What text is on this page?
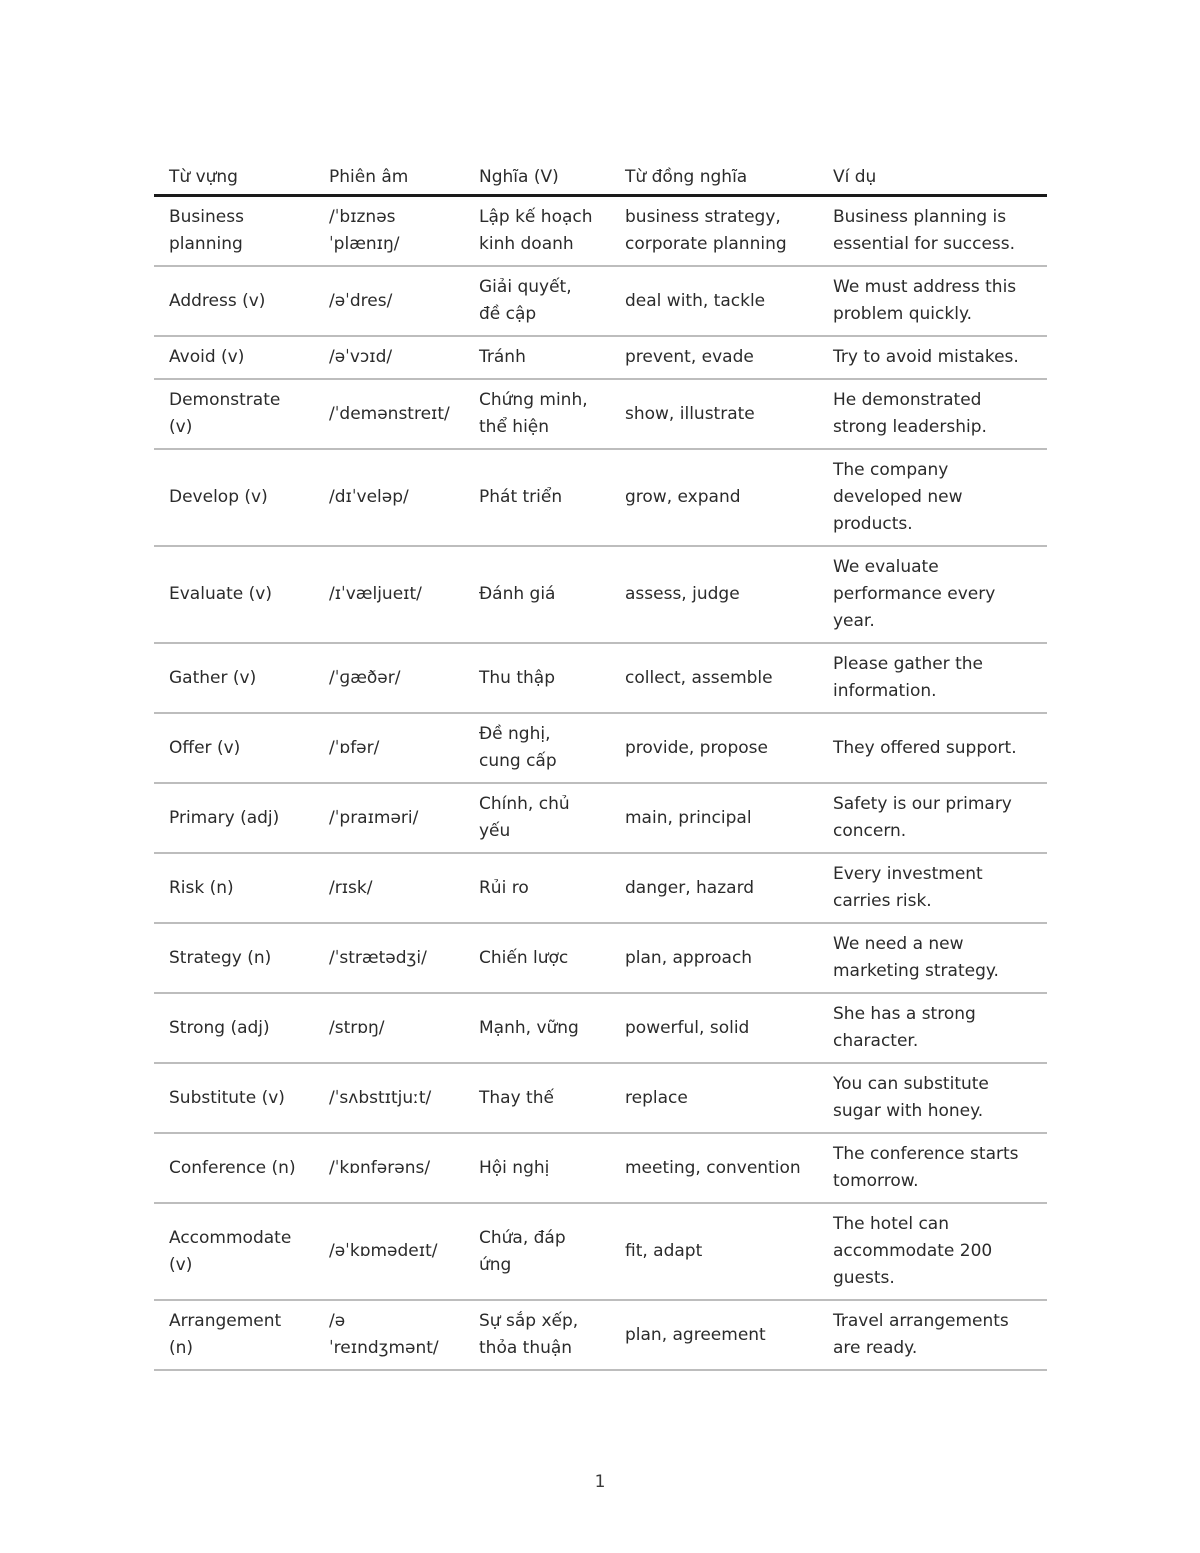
Từ vựng	Phiên âm	Nghĩa (V)	Từ đồng nghĩa	Ví dụ
Business planning	/ˈbɪznəs ˈplænɪŋ/	Lập kế hoạch kinh doanh	business strategy, corporate planning	Business planning is essential for success.
Address (v)	/əˈdres/	Giải quyết, đề cập	deal with, tackle	We must address this problem quickly.
Avoid (v)	/əˈvɔɪd/	Tránh	prevent, evade	Try to avoid mistakes.
Demonstrate (v)	/ˈdemənstreɪt/	Chứng minh, thể hiện	show, illustrate	He demonstrated strong leadership.
Develop (v)	/dɪˈveləp/	Phát triển	grow, expand	The company developed new products.
Evaluate (v)	/ɪˈvæljueɪt/	Đánh giá	assess, judge	We evaluate performance every year.
Gather (v)	/ˈɡæðər/	Thu thập	collect, assemble	Please gather the information.
Offer (v)	/ˈɒfər/	Đề nghị, cung cấp	provide, propose	They offered support.
Primary (adj)	/ˈpraɪməri/	Chính, chủ yếu	main, principal	Safety is our primary concern.
Risk (n)	/rɪsk/	Rủi ro	danger, hazard	Every investment carries risk.
Strategy (n)	/ˈstrætədʒi/	Chiến lược	plan, approach	We need a new marketing strategy.
Strong (adj)	/strɒŋ/	Mạnh, vững	powerful, solid	She has a strong character.
Substitute (v)	/ˈsʌbstɪtjuːt/	Thay thế	replace	You can substitute sugar with honey.
Conference (n)	/ˈkɒnfərəns/	Hội nghị	meeting, convention	The conference starts tomorrow.
Accommodate (v)	/əˈkɒmədeɪt/	Chứa, đáp ứng	fit, adapt	The hotel can accommodate 200 guests.
Arrangement (n)	/əˈreɪndʒmənt/	Sự sắp xếp, thỏa thuận	plan, agreement	Travel arrangements are ready.
1
